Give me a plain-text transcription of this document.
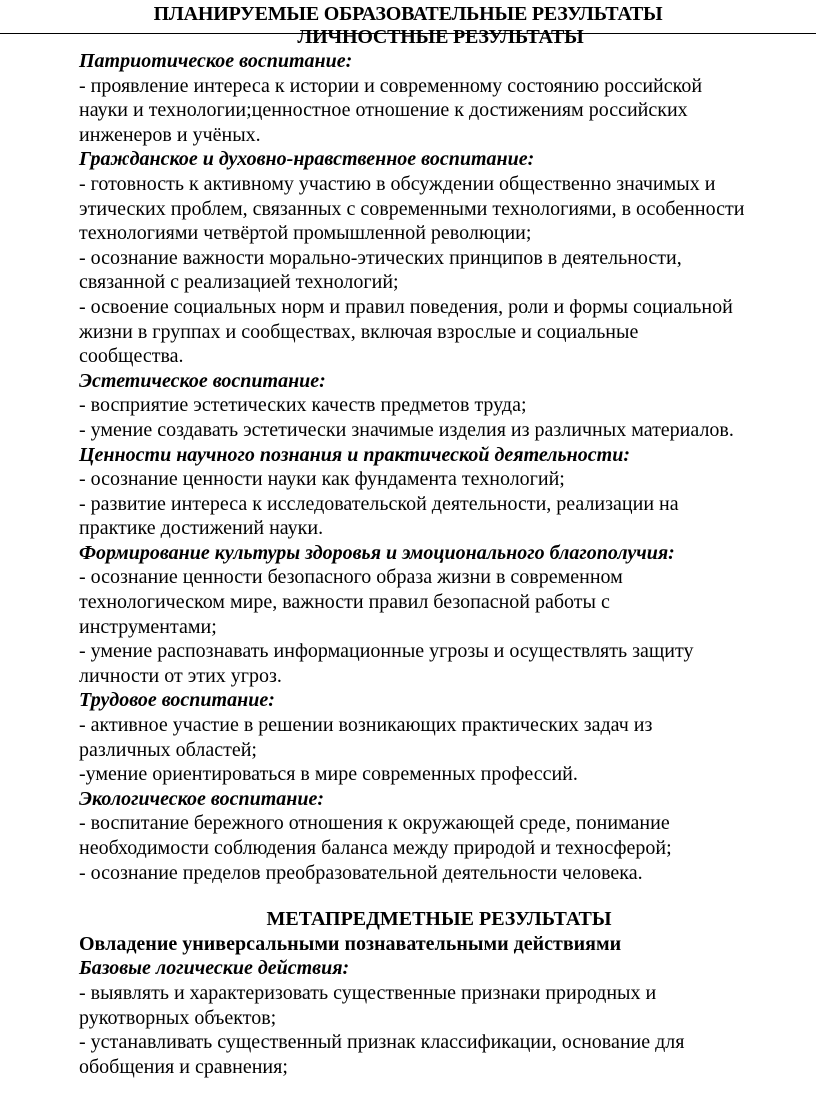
ПЛАНИРУЕМЫЕ ОБРАЗОВАТЕЛЬНЫЕ РЕЗУЛЬТАТЫ
ЛИЧНОСТНЫЕ РЕЗУЛЬТАТЫ
Патриотическое воспитание:
- проявление интереса к истории и современному состоянию российской
науки и технологии;ценностное отношение к достижениям российских
инженеров и учёных.
Гражданское и духовно-нравственное воспитание:
- готовность к активному участию в обсуждении общественно значимых и
этических проблем, связанных с современными технологиями, в особенности
технологиями четвёртой промышленной революции;
- осознание важности морально-этических принципов в деятельности,
связанной с реализацией технологий;
- освоение социальных норм и правил поведения, роли и формы социальной
жизни в группах и сообществах, включая взрослые и социальные
сообщества.
Эстетическое воспитание:
- восприятие эстетических качеств предметов труда;
- умение создавать эстетически значимые изделия из различных материалов.
Ценности научного познания и практической деятельности:
- осознание ценности науки как фундамента технологий;
- развитие интереса к исследовательской деятельности, реализации на
практике достижений науки.
Формирование культуры здоровья и эмоционального благополучия:
- осознание ценности безопасного образа жизни в современном
технологическом мире, важности правил безопасной работы с
инструментами;
- умение распознавать информационные угрозы и осуществлять защиту
личности от этих угроз.
Трудовое воспитание:
- активное участие в решении возникающих практических задач из
различных областей;
-умение ориентироваться в мире современных профессий.
Экологическое воспитание:
- воспитание бережного отношения к окружающей среде, понимание
необходимости соблюдения баланса между природой и техносферой;
- осознание пределов преобразовательной деятельности человека.
МЕТАПРЕДМЕТНЫЕ РЕЗУЛЬТАТЫ
Овладение универсальными познавательными действиями
Базовые логические действия:
- выявлять и характеризовать существенные признаки природных и
рукотворных объектов;
- устанавливать существенный признак классификации, основание для
обобщения и сравнения;
